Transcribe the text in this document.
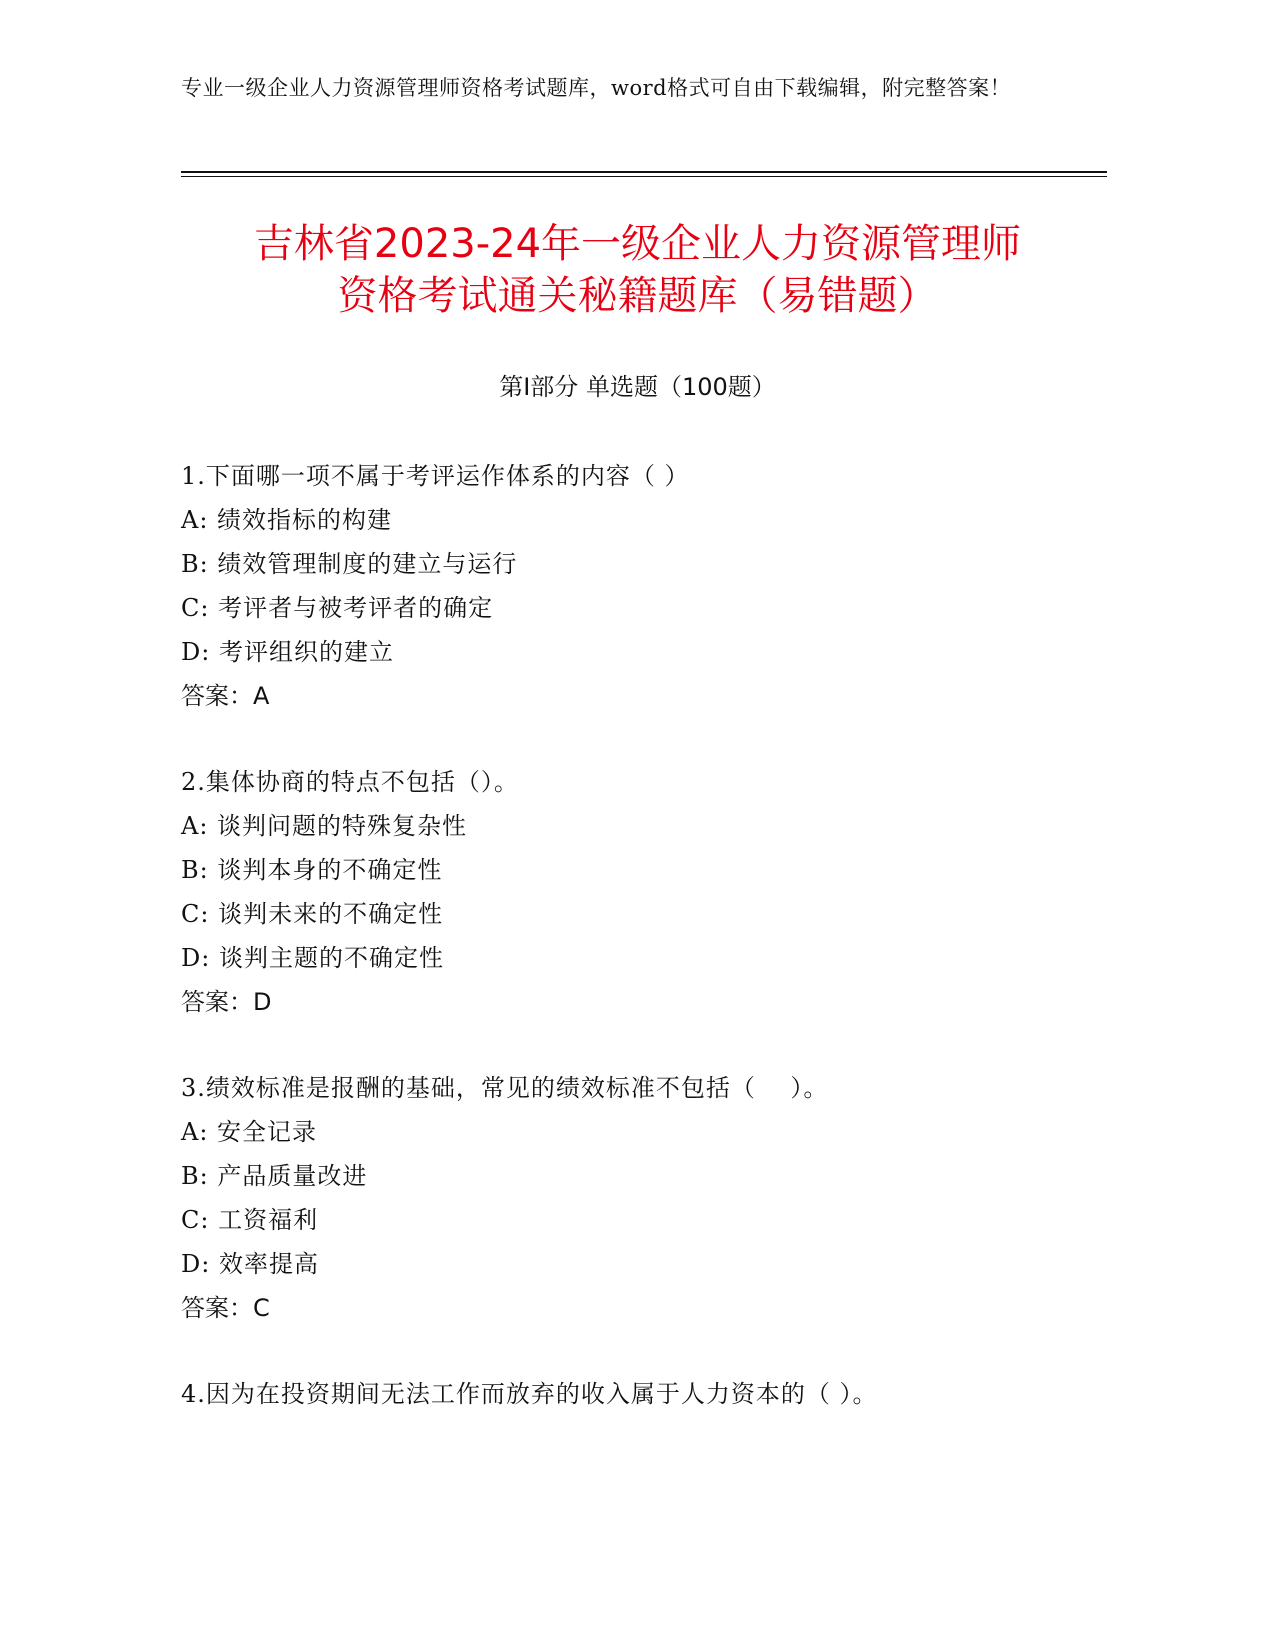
专业一级企业人力资源管理师资格考试题库，word格式可自由下载编辑，附完整答案！
吉林省2023-24年一级企业人力资源管理师
资格考试通关秘籍题库（易错题）
第Ⅰ部分 单选题（100题）
1.下面哪一项不属于考评运作体系的内容（ ）
A: 绩效指标的构建
B: 绩效管理制度的建立与运行
C: 考评者与被考评者的确定
D: 考评组织的建立
答案：A
2.集体协商的特点不包括（）。
A: 谈判问题的特殊复杂性
B: 谈判本身的不确定性
C: 谈判未来的不确定性
D: 谈判主题的不确定性
答案：D
3.绩效标准是报酬的基础，常见的绩效标准不包括（    ）。
A: 安全记录
B: 产品质量改进
C: 工资福利
D: 效率提高
答案：C
4.因为在投资期间无法工作而放弃的收入属于人力资本的（ ）。
